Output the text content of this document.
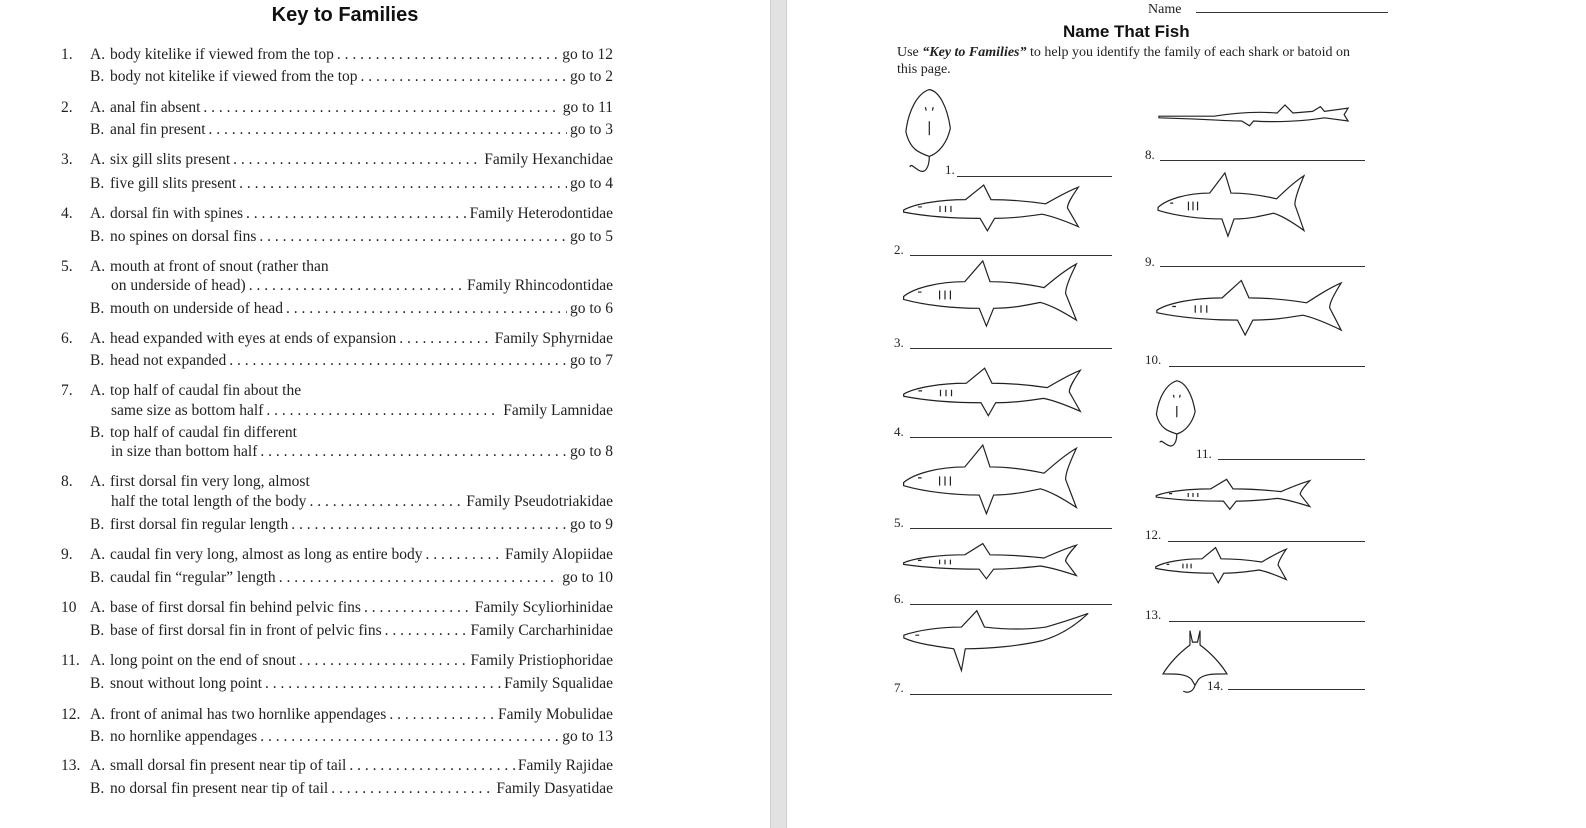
Key to Families
1. A. body kitelike if viewed from the top . . .	go to 12
B. body not kitelike if viewed from the top . . .	go to 2
2. A. anal fin absent . . .	go to 11
B. anal fin present . . .	go to 3
3. A. six gill slits present . . .	Family Hexanchidae
B. five gill slits present . . .	go to 4
4. A. dorsal fin with spines . . .	Family Heterodontidae
B. no spines on dorsal fins . . .	go to 5
5. A. mouth at front of snout (rather than
on underside of head) . . .	Family Rhincodontidae
B. mouth on underside of head . . .	go to 6
6. A. head expanded with eyes at ends of expansion . . .	Family Sphyrnidae
B. head not expanded . . .	go to 7
7. A. top half of caudal fin about the
same size as bottom half . . .	Family Lamnidae
B. top half of caudal fin different
in size than bottom half . . .	go to 8
8. A. first dorsal fin very long, almost
half the total length of the body . . .	Family Pseudotriakidae
B. first dorsal fin regular length . . .	go to 9
9. A. caudal fin very long, almost as long as entire body . . .	Family Alopiidae
B. caudal fin “regular” length . . .	go to 10
10 A. base of first dorsal fin behind pelvic fins . . .	Family Scyliorhinidae
B. base of first dorsal fin in front of pelvic fins . . .	Family Carcharhinidae
11. A. long point on the end of snout . . .	Family Pristiophoridae
B. snout without long point . . .	Family Squalidae
12. A. front of animal has two hornlike appendages . . .	Family Mobulidae
B. no hornlike appendages . . .	go to 13
13. A. small dorsal fin present near tip of tail . . .	Family Rajidae
B. no dorsal fin present near tip of tail . . .	Family Dasyatidae
Name
Name That Fish
Use “Key to Families” to help you identify the family of each shark or batoid on this page.
1.
2.
3.
4.
5.
6.
7.
8.
9.
10.
11.
12.
13.
14.
